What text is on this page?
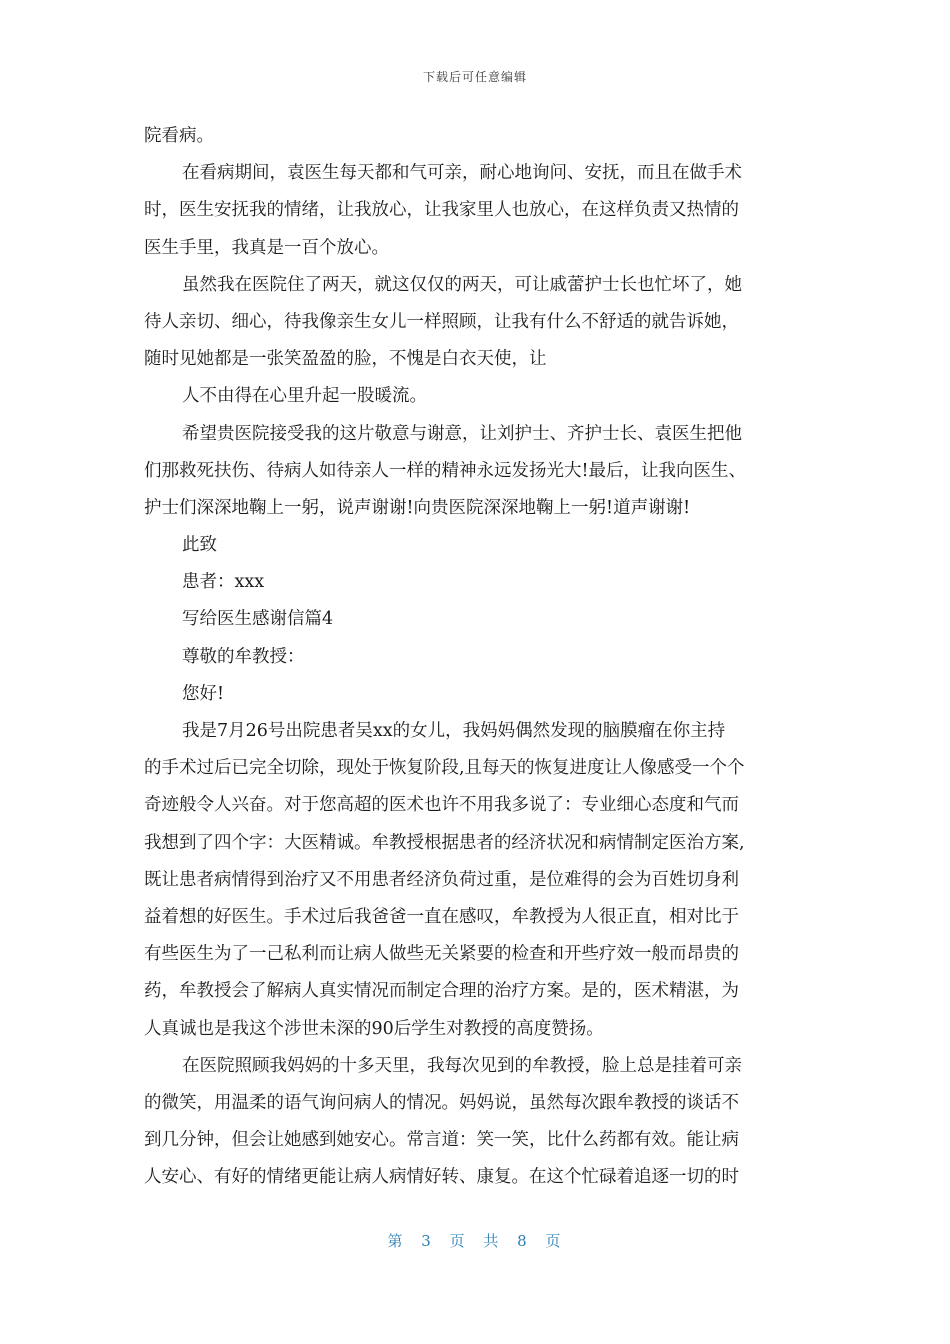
下载后可任意编辑
院看病。
在看病期间，袁医生每天都和气可亲，耐心地询问、安抚，而且在做手术
时，医生安抚我的情绪，让我放心，让我家里人也放心，在这样负责又热情的
医生手里，我真是一百个放心。
虽然我在医院住了两天，就这仅仅的两天，可让戚蕾护士长也忙坏了，她
待人亲切、细心，待我像亲生女儿一样照顾，让我有什么不舒适的就告诉她，
随时见她都是一张笑盈盈的脸，不愧是白衣天使，让
人不由得在心里升起一股暖流。
希望贵医院接受我的这片敬意与谢意，让刘护士、齐护士长、袁医生把他
们那救死扶伤、待病人如待亲人一样的精神永远发扬光大!最后，让我向医生、
护士们深深地鞠上一躬，说声谢谢!向贵医院深深地鞠上一躬!道声谢谢!
此致
患者：xxx
写给医生感谢信篇4
尊敬的牟教授：
您好!
我是7月26号出院患者吴xx的女儿，我妈妈偶然发现的脑膜瘤在你主持
的手术过后已完全切除，现处于恢复阶段,且每天的恢复进度让人像感受一个个
奇迹般令人兴奋。对于您高超的医术也许不用我多说了：专业细心态度和气而
我想到了四个字：大医精诚。牟教授根据患者的经济状况和病情制定医治方案,
既让患者病情得到治疗又不用患者经济负荷过重，是位难得的会为百姓切身利
益着想的好医生。手术过后我爸爸一直在感叹，牟教授为人很正直，相对比于
有些医生为了一己私利而让病人做些无关紧要的检查和开些疗效一般而昂贵的
药，牟教授会了解病人真实情况而制定合理的治疗方案。是的，医术精湛，为
人真诚也是我这个涉世未深的90后学生对教授的高度赞扬。
在医院照顾我妈妈的十多天里，我每次见到的牟教授，脸上总是挂着可亲
的微笑，用温柔的语气询问病人的情况。妈妈说，虽然每次跟牟教授的谈话不
到几分钟，但会让她感到她安心。常言道：笑一笑，比什么药都有效。能让病
人安心、有好的情绪更能让病人病情好转、康复。在这个忙碌着追逐一切的时
第 3 页 共 8 页
